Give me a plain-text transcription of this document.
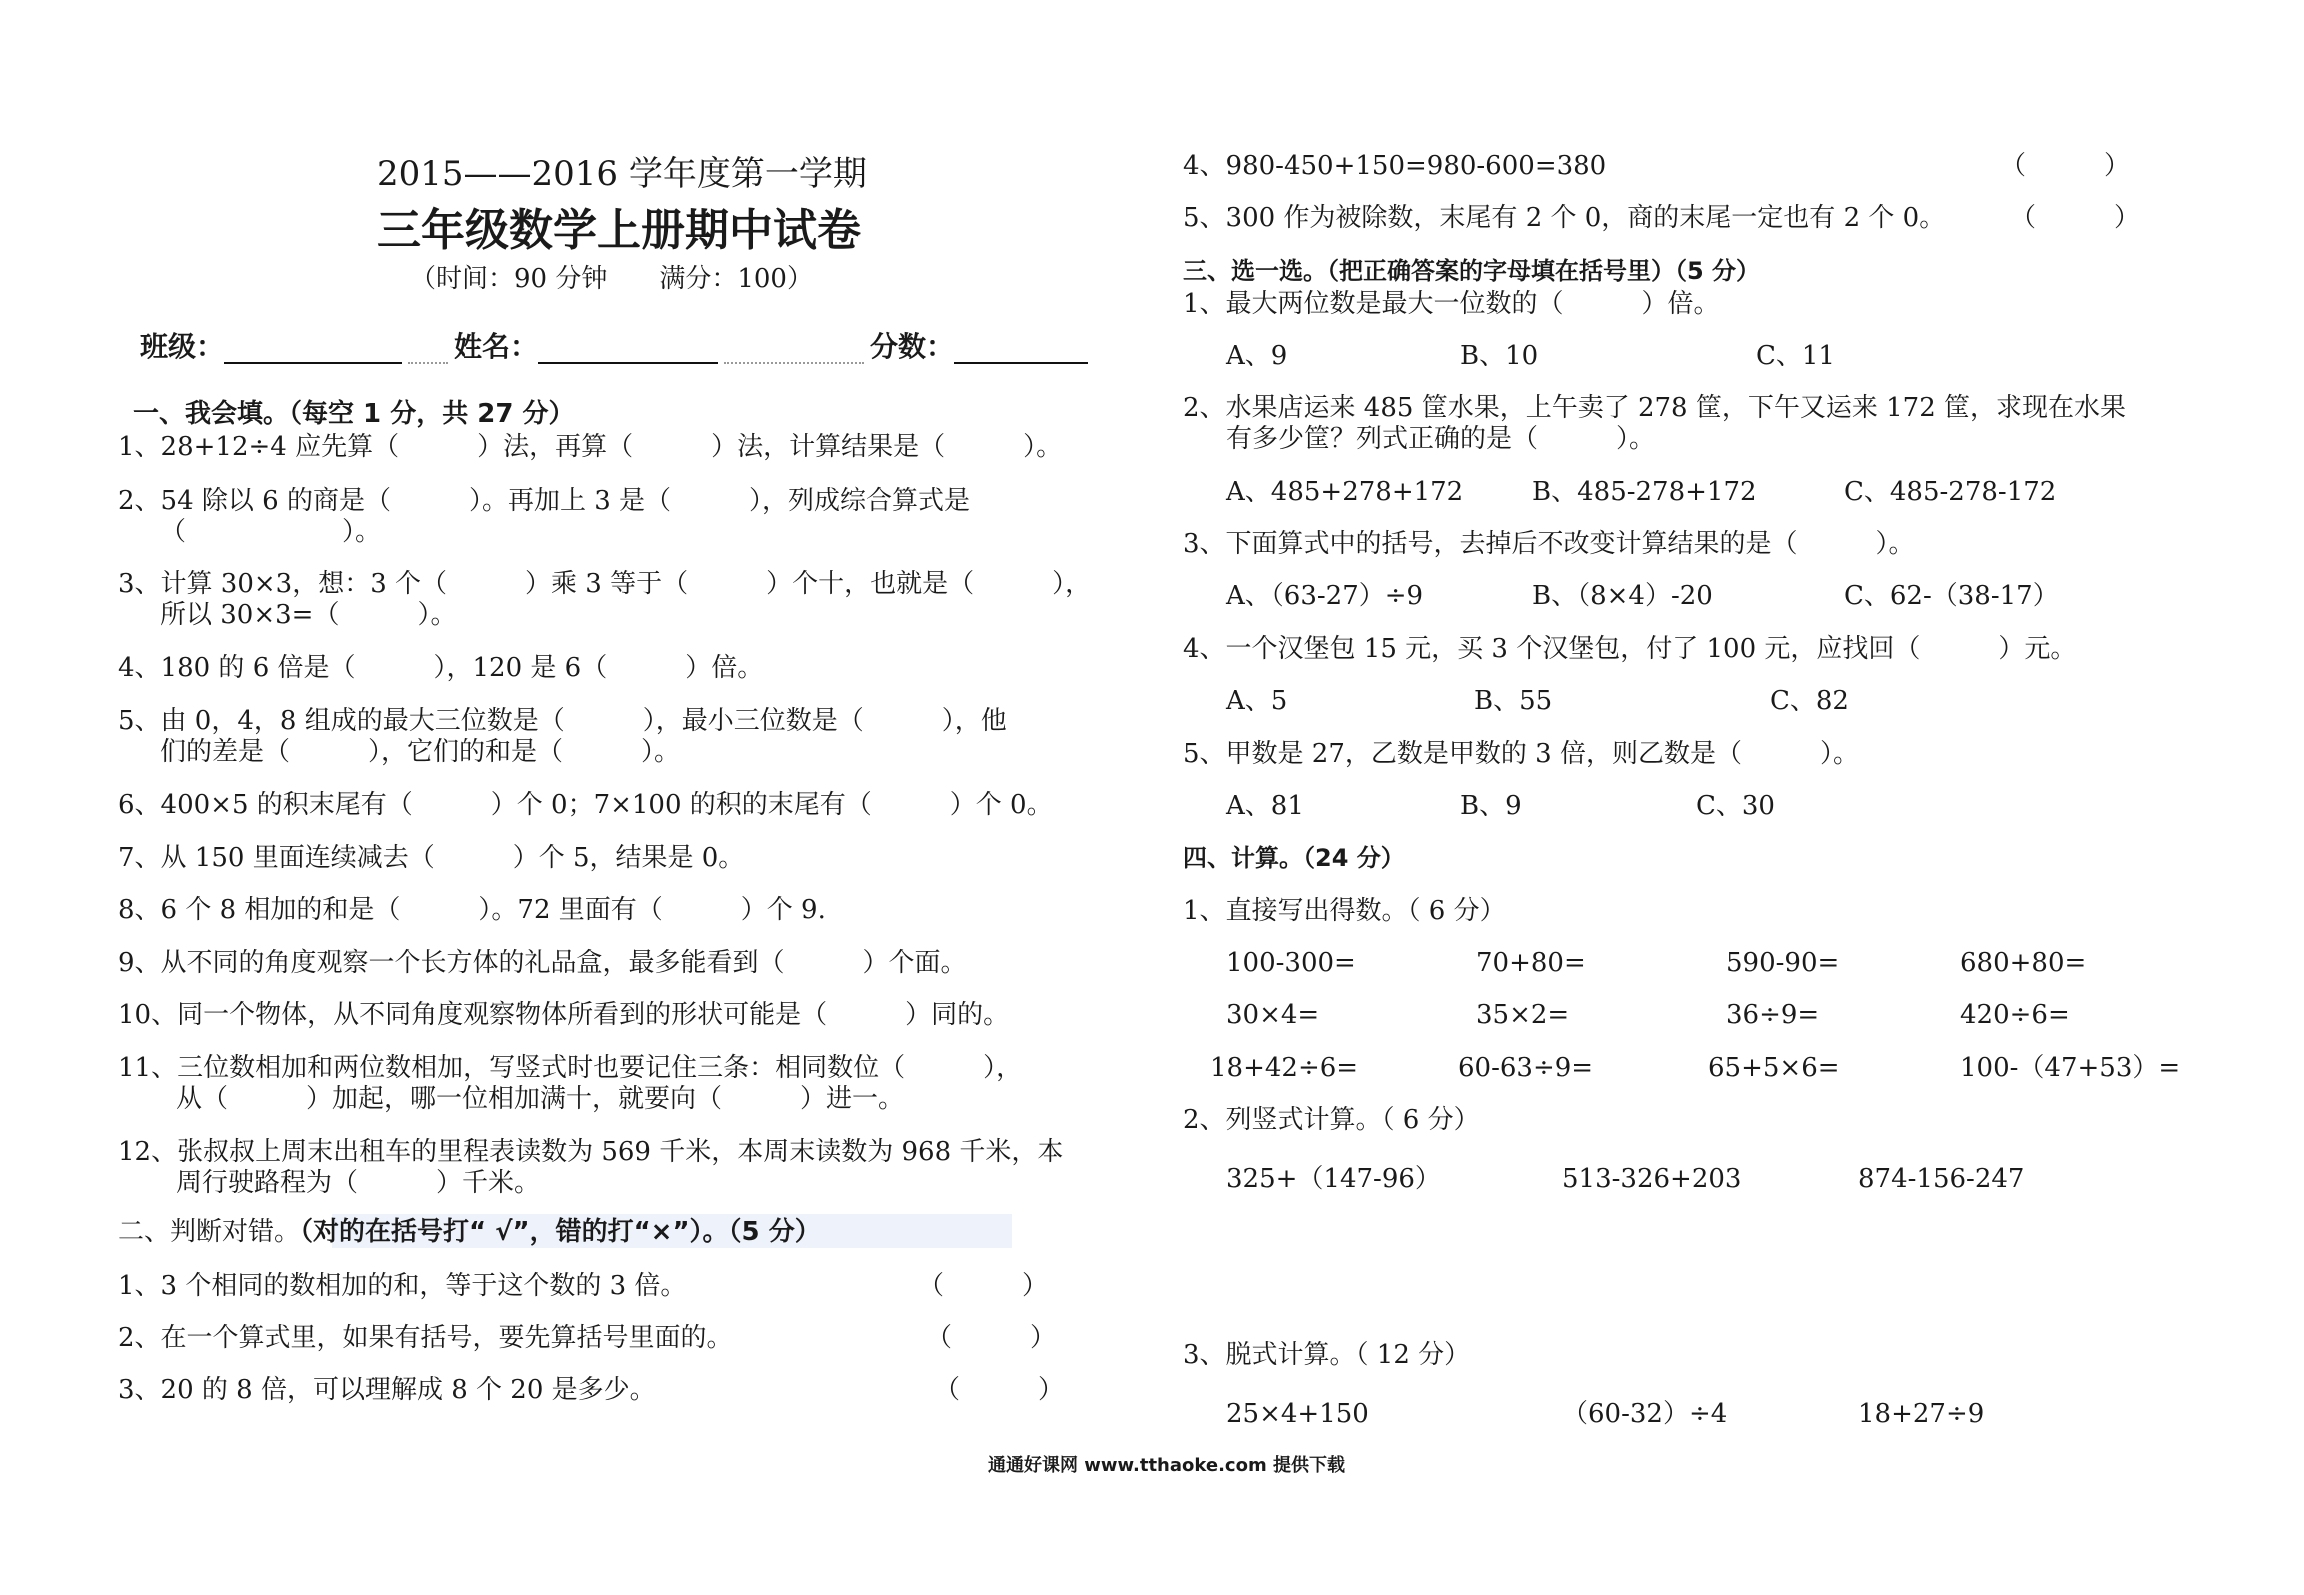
2015——2016 学年度第一学期
三年级数学上册期中试卷
（时间：90 分钟　　满分：100）
班级：	姓名：	分数：
一、我会填。（每空 1 分，共 27 分）
1、28+12÷4 应先算（　　　）法，再算（　　　）法，计算结果是（　　　）。
2、54 除以 6 的商是（　　　）。再加上 3 是（　　　），列成综合算式是
（　　　　　　）。
3、计算 30×3，想：3 个（　　　）乘 3 等于（　　　）个十，也就是（　　　），
所以 30×3=（　　　）。
4、180 的 6 倍是（　　　），120 是 6（　　　）倍。
5、由 0，4，8 组成的最大三位数是（　　　），最小三位数是（　　　），他
们的差是（　　　），它们的和是（　　　）。
6、400×5 的积末尾有（　　　）个 0；7×100 的积的末尾有（　　　）个 0。
7、从 150 里面连续减去（　　　）个 5，结果是 0。
8、6 个 8 相加的和是（　　　）。72 里面有（　　　）个 9.
9、从不同的角度观察一个长方体的礼品盒，最多能看到（　　　）个面。
10、同一个物体，从不同角度观察物体所看到的形状可能是（　　　）同的。
11、三位数相加和两位数相加，写竖式时也要记住三条：相同数位（　　　），
从（　　　）加起，哪一位相加满十，就要向（　　　）进一。
12、张叔叔上周末出租车的里程表读数为 569 千米，本周末读数为 968 千米，本
周行驶路程为（　　　）千米。
二、判断对错。（对的在括号打“ √”，错的打“×”）。（5 分）
1、3 个相同的数相加的和，等于这个数的 3 倍。	（　　　）
2、在一个算式里，如果有括号，要先算括号里面的。	（　　　）
3、20 的 8 倍，可以理解成 8 个 20 是多少。	（　　　）
4、980-450+150=980-600=380	（　　　）
5、300 作为被除数，末尾有 2 个 0，商的末尾一定也有 2 个 0。 （　　　）
三、选一选。（把正确答案的字母填在括号里）（5 分）
1、最大两位数是最大一位数的（　　　）倍。
A、9	B、10	C、11
2、水果店运来 485 筐水果，上午卖了 278 筐，下午又运来 172 筐，求现在水果
有多少筐？列式正确的是（　　　）。
A、485+278+172	B、485-278+172	C、485-278-172
3、下面算式中的括号，去掉后不改变计算结果的是（　　　）。
A、（63-27）÷9	B、（8×4）-20	C、62-（38-17）
4、一个汉堡包 15 元，买 3 个汉堡包，付了 100 元，应找回（　　　）元。
A、5	B、55	C、82
5、甲数是 27，乙数是甲数的 3 倍，则乙数是（　　　）。
A、81	B、9	C、30
四、计算。（24 分）
1、直接写出得数。（ 6 分）
100-300=	70+80=	590-90=	680+80=
30×4=	35×2=	36÷9=	420÷6=
18+42÷6=	60-63÷9=	65+5×6=	100-（47+53）=
2、列竖式计算。（ 6 分）
325+（147-96）	513-326+203	874-156-247
3、脱式计算。（ 12 分）
25×4+150	（60-32）÷4	18+27÷9
通通好课网 www.tthaoke.com 提供下载
